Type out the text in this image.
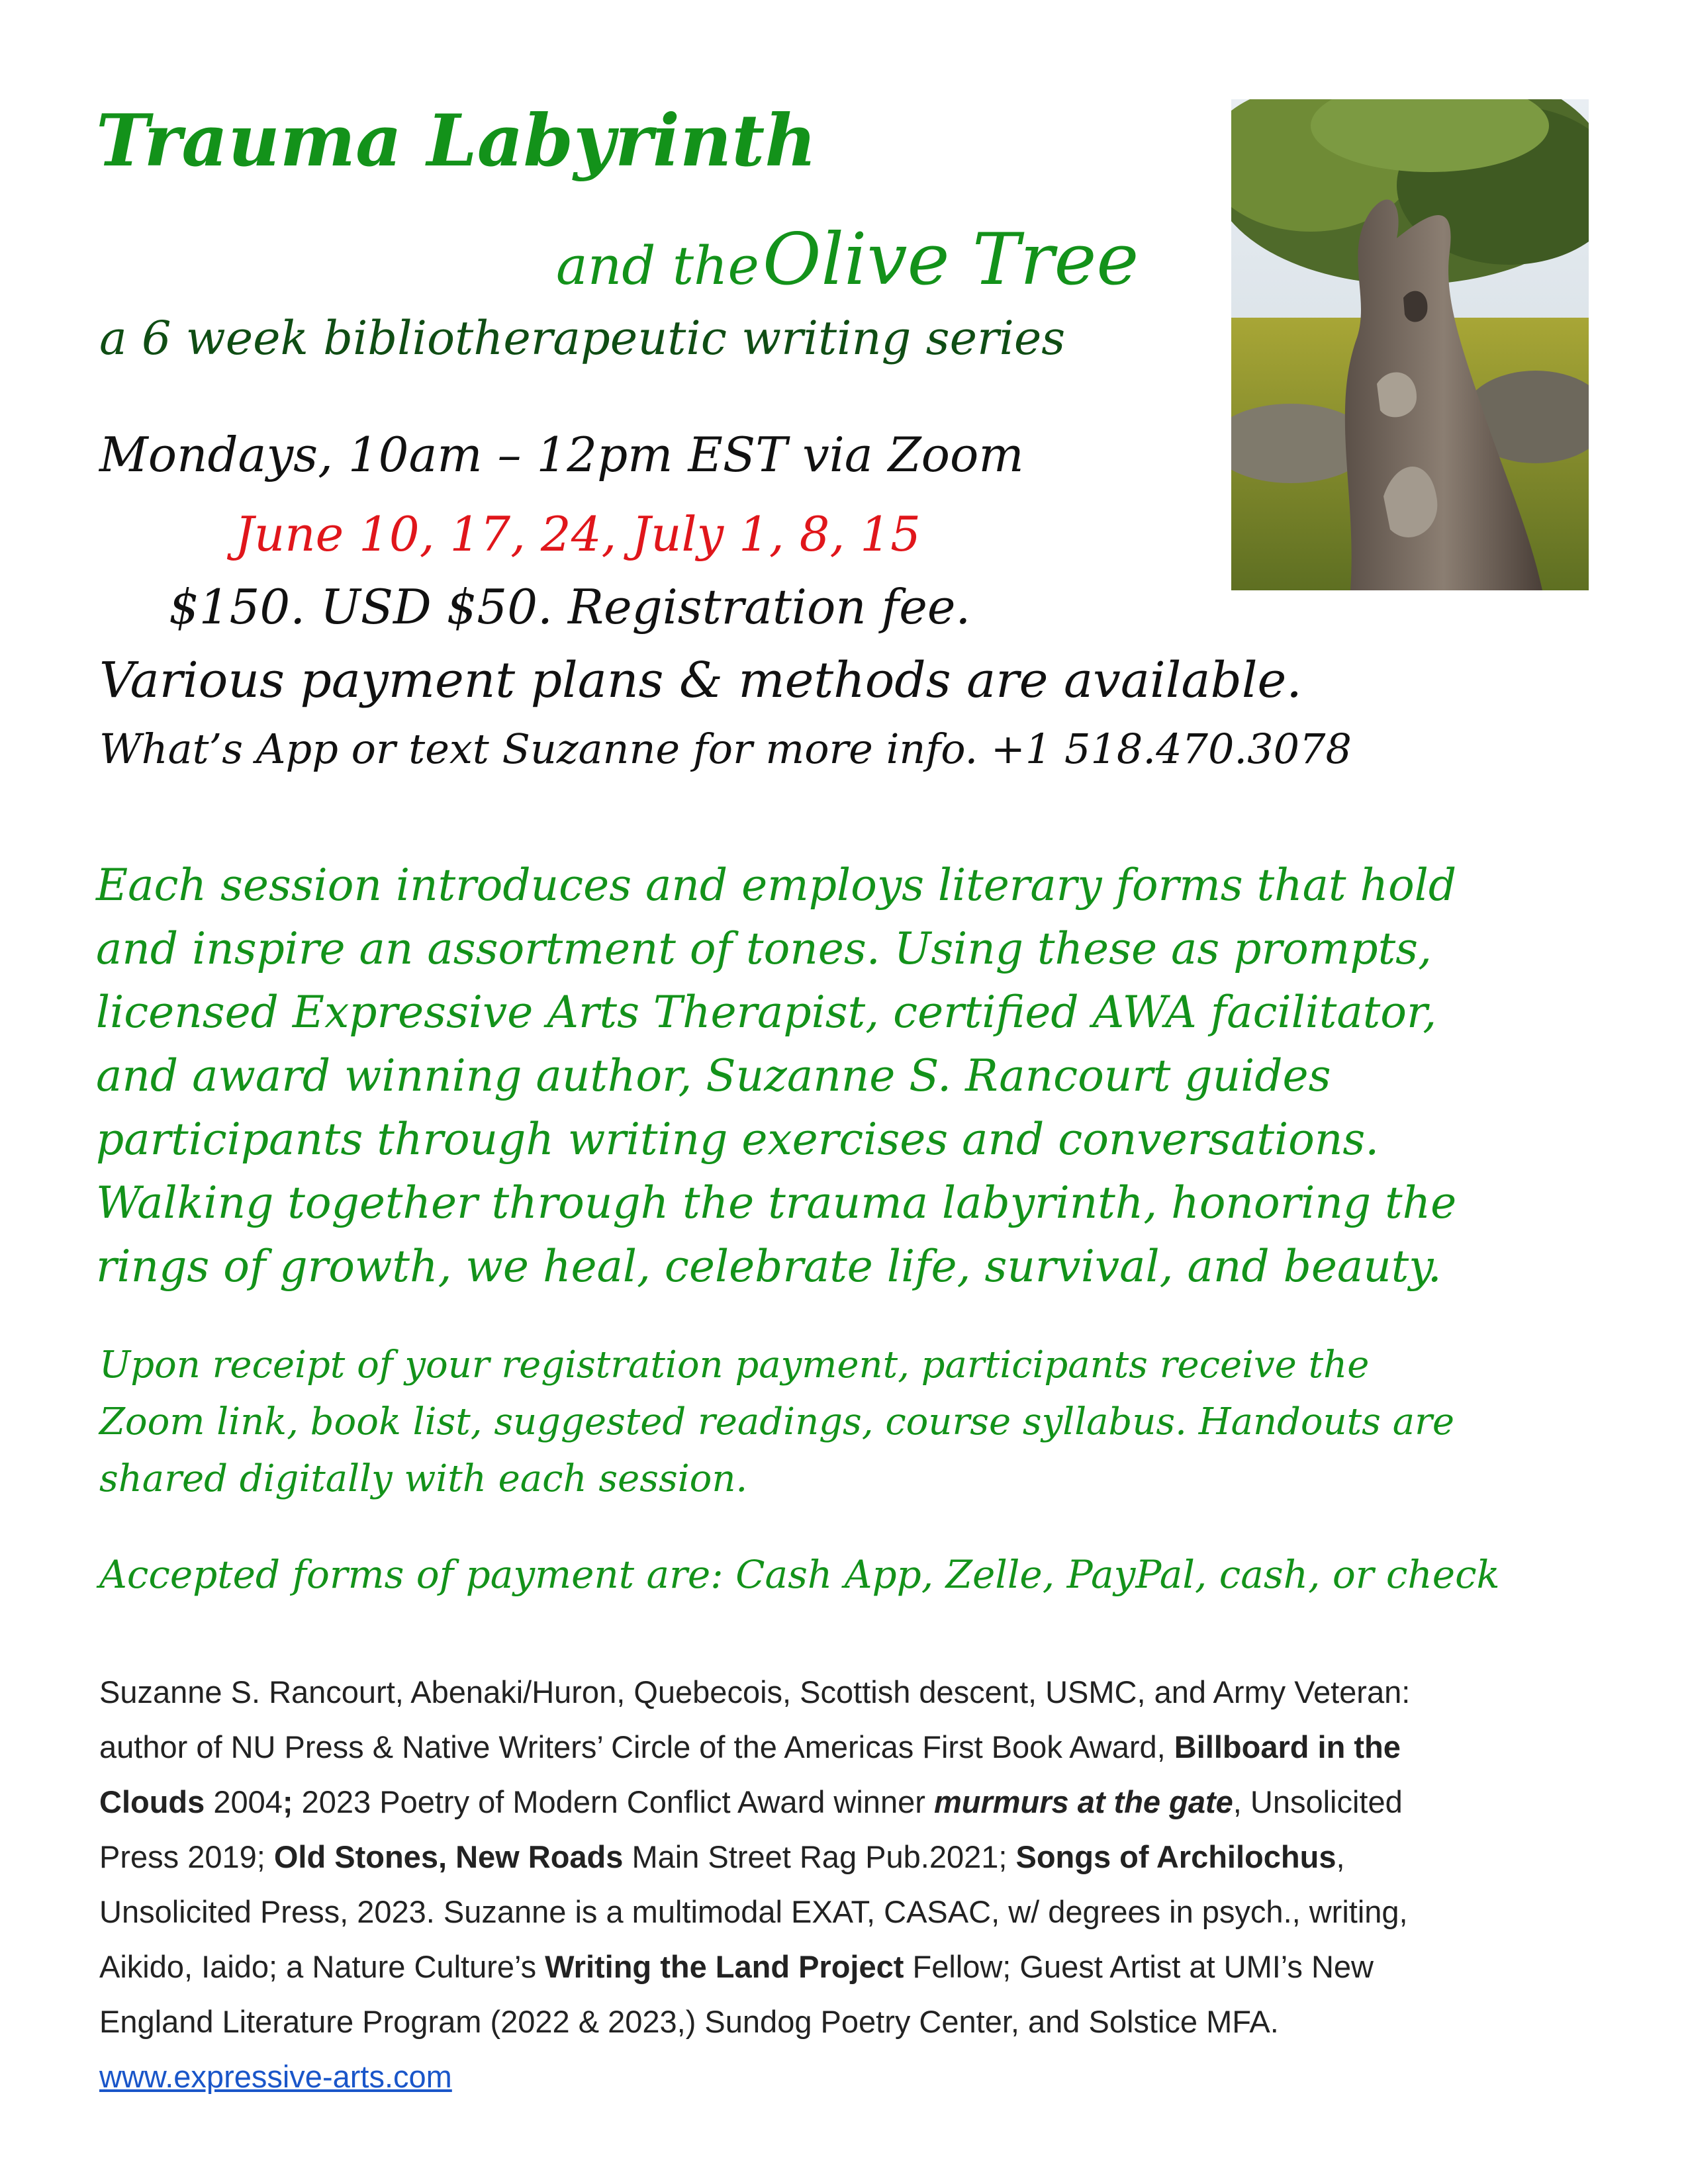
Trauma Labyrinth
and the Olive Tree
a 6 week bibliotherapeutic writing series
Mondays, 10am – 12pm EST via Zoom
June 10, 17, 24, July 1, 8, 15
$150. USD $50. Registration fee.
Various payment plans & methods are available.
What’s App or text Suzanne for more info. +1 518.470.3078
Each session introduces and employs literary forms that hold
and inspire an assortment of tones. Using these as prompts,
licensed Expressive Arts Therapist, certified AWA facilitator,
and award winning author, Suzanne S. Rancourt guides
participants through writing exercises and conversations.
Walking together through the trauma labyrinth, honoring the
rings of growth, we heal, celebrate life, survival, and beauty.
Upon receipt of your registration payment, participants receive the
Zoom link, book list, suggested readings, course syllabus. Handouts are
shared digitally with each session.
Accepted forms of payment are: Cash App, Zelle, PayPal, cash, or check
Suzanne S. Rancourt, Abenaki/Huron, Quebecois, Scottish descent, USMC, and Army Veteran:
author of NU Press & Native Writers’ Circle of the Americas First Book Award, Billboard in the
Clouds 2004; 2023 Poetry of Modern Conflict Award winner murmurs at the gate, Unsolicited
Press 2019; Old Stones, New Roads Main Street Rag Pub.2021; Songs of Archilochus,
Unsolicited Press, 2023. Suzanne is a multimodal EXAT, CASAC, w/ degrees in psych., writing,
Aikido, Iaido; a Nature Culture’s Writing the Land Project Fellow; Guest Artist at UMI’s New
England Literature Program (2022 & 2023,) Sundog Poetry Center, and Solstice MFA.
www.expressive-arts.com
